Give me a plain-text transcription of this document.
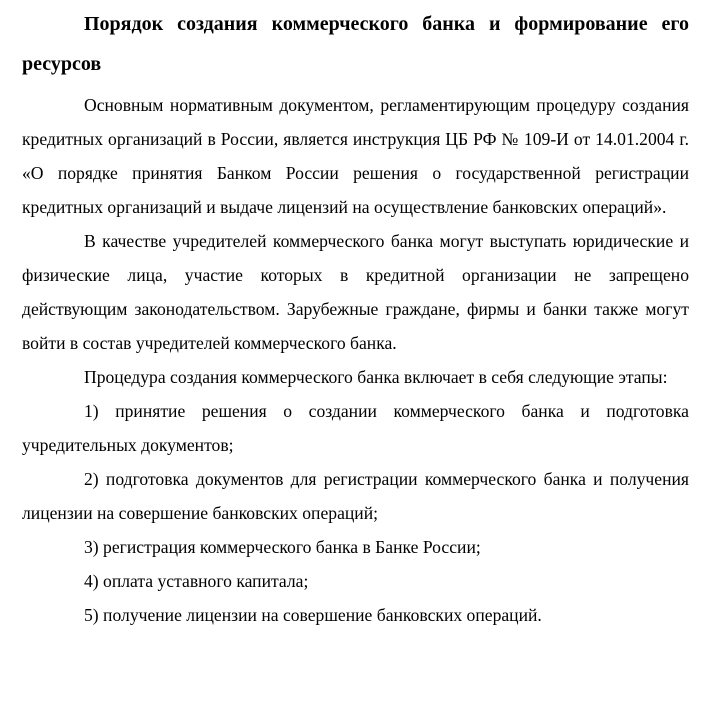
Порядок создания коммерческого банка и формирование его ресурсов

Основным нормативным документом, регламентирующим процедуру создания кредитных организаций в России, является инструкция ЦБ РФ № 109-И от 14.01.2004 г. «О порядке принятия Банком России решения о государственной регистрации кредитных организаций и выдаче лицензий на осуществление банковских операций».

В качестве учредителей коммерческого банка могут выступать юридические и физические лица, участие которых в кредитной организации не запрещено действующим законодательством. Зарубежные граждане, фирмы и банки также могут войти в состав учредителей коммерческого банка.

Процедура создания коммерческого банка включает в себя следующие этапы:

1) принятие решения о создании коммерческого банка и подготовка учредительных документов;

2) подготовка документов для регистрации коммерческого банка и получения лицензии на совершение банковских операций;

3) регистрация коммерческого банка в Банке России;

4) оплата уставного капитала;

5) получение лицензии на совершение банковских операций.
